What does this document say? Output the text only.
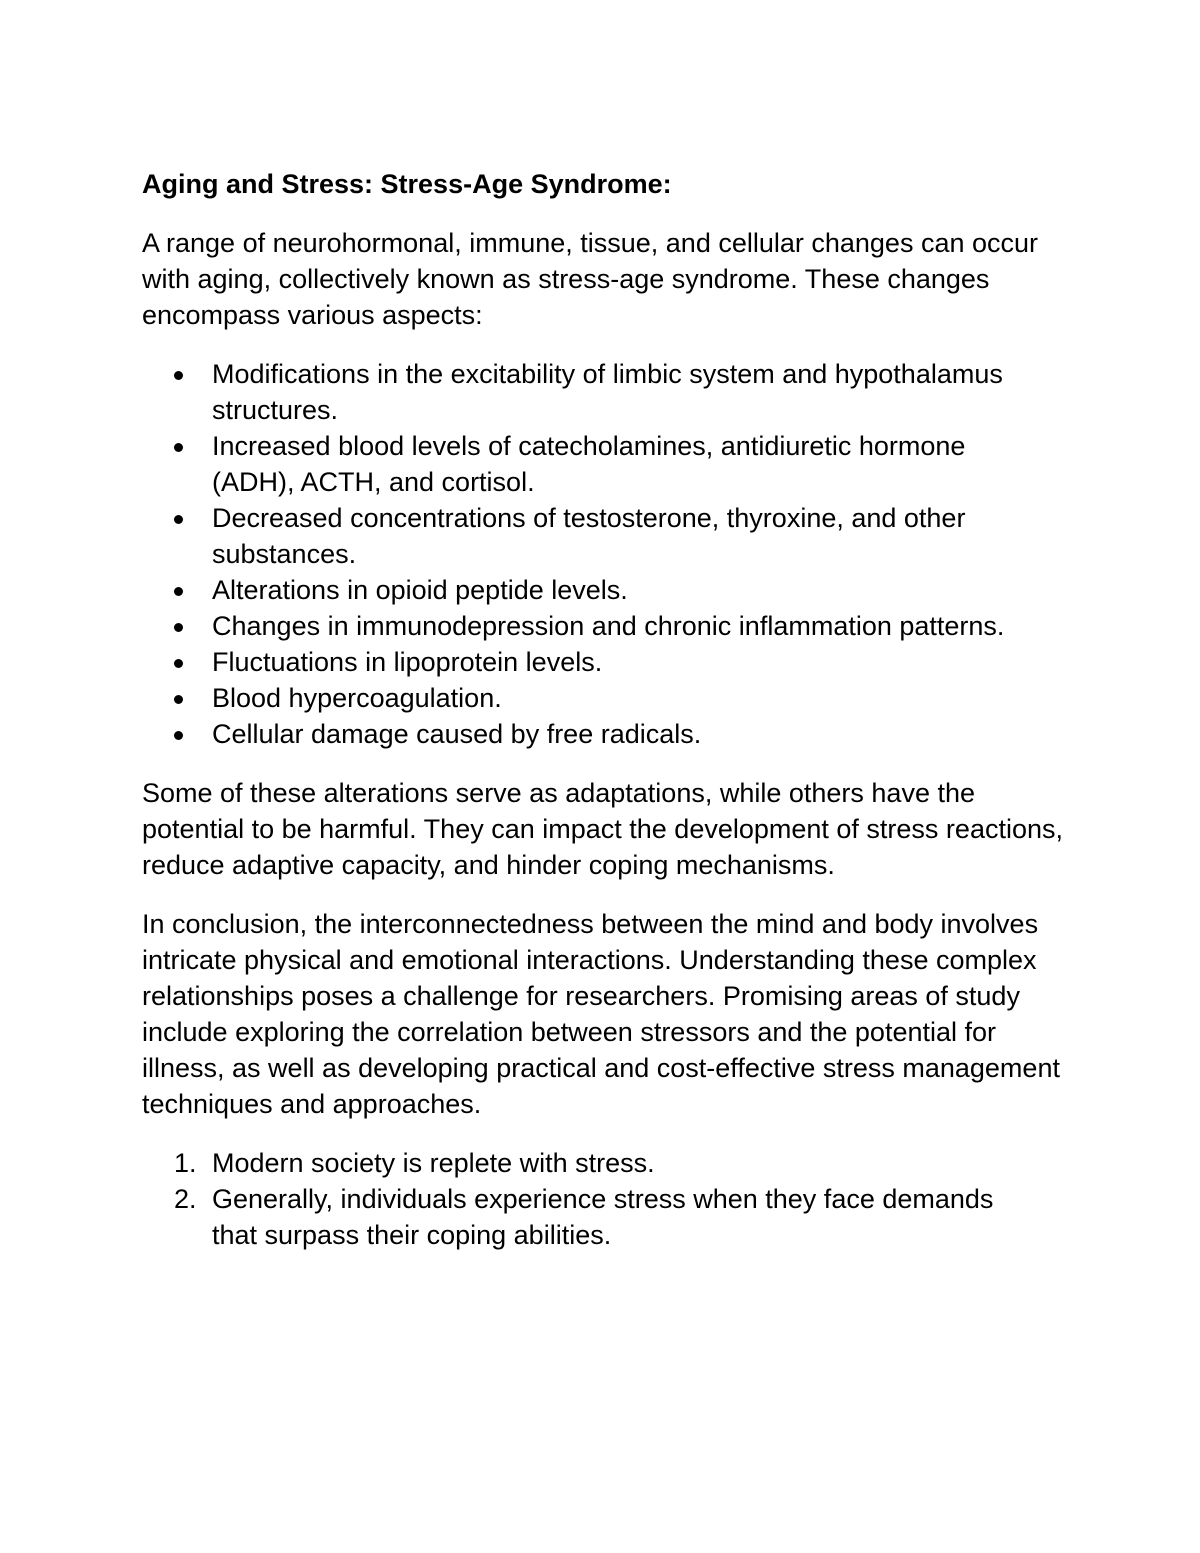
Aging and Stress: Stress-Age Syndrome:
A range of neurohormonal, immune, tissue, and cellular changes can occur with aging, collectively known as stress-age syndrome. These changes encompass various aspects:
Modifications in the excitability of limbic system and hypothalamus structures.
Increased blood levels of catecholamines, antidiuretic hormone (ADH), ACTH, and cortisol.
Decreased concentrations of testosterone, thyroxine, and other substances.
Alterations in opioid peptide levels.
Changes in immunodepression and chronic inflammation patterns.
Fluctuations in lipoprotein levels.
Blood hypercoagulation.
Cellular damage caused by free radicals.
Some of these alterations serve as adaptations, while others have the potential to be harmful. They can impact the development of stress reactions, reduce adaptive capacity, and hinder coping mechanisms.
In conclusion, the interconnectedness between the mind and body involves intricate physical and emotional interactions. Understanding these complex relationships poses a challenge for researchers. Promising areas of study include exploring the correlation between stressors and the potential for illness, as well as developing practical and cost-effective stress management techniques and approaches.
1. Modern society is replete with stress.
2. Generally, individuals experience stress when they face demands that surpass their coping abilities.
